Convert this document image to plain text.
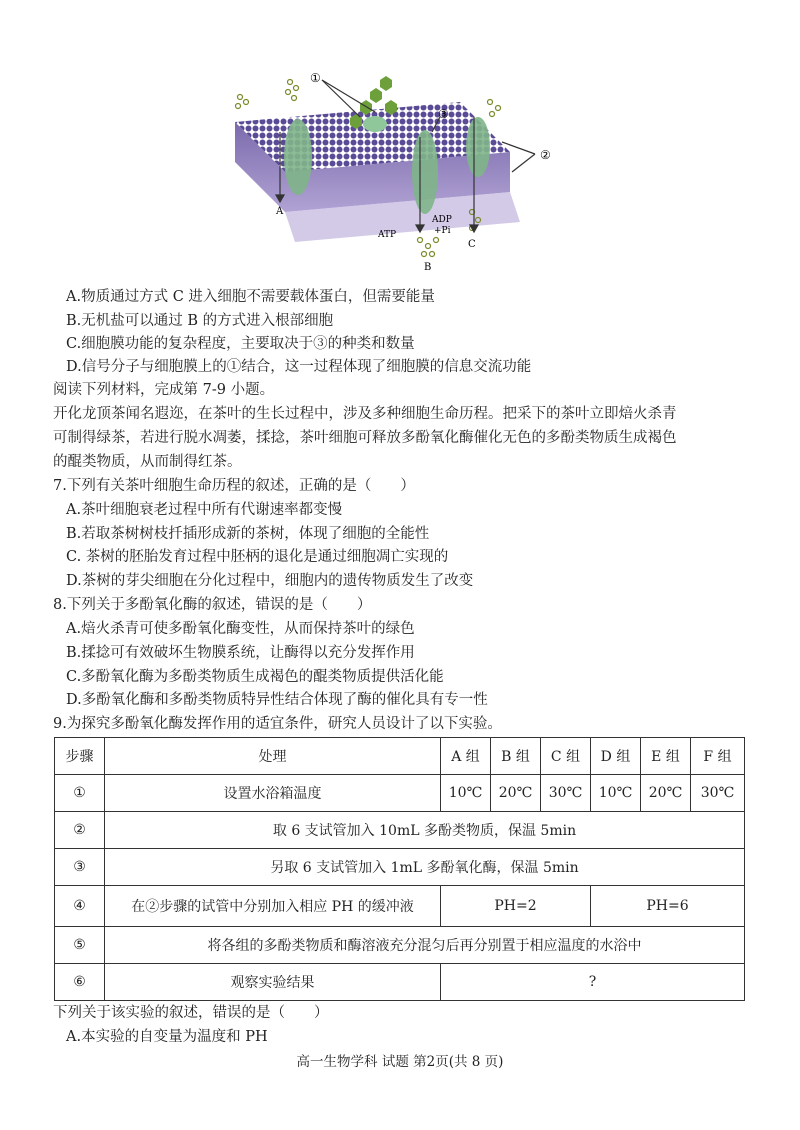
①
②
③
A
B
C
ATP
ADP
+Pi
A.物质通过方式 C 进入细胞不需要载体蛋白，但需要能量
B.无机盐可以通过 B 的方式进入根部细胞
C.细胞膜功能的复杂程度，主要取决于③的种类和数量
D.信号分子与细胞膜上的①结合，这一过程体现了细胞膜的信息交流功能
阅读下列材料，完成第 7-9 小题。
开化龙顶茶闻名遐迩，在茶叶的生长过程中，涉及多种细胞生命历程。把采下的茶叶立即焙火杀青
可制得绿茶，若进行脱水凋萎，揉捻，茶叶细胞可释放多酚氧化酶催化无色的多酚类物质生成褐色
的醌类物质，从而制得红茶。
7.下列有关茶叶细胞生命历程的叙述，正确的是（　　）
A.茶叶细胞衰老过程中所有代谢速率都变慢
B.若取茶树树枝扦插形成新的茶树，体现了细胞的全能性
C. 茶树的胚胎发育过程中胚柄的退化是通过细胞凋亡实现的
D.茶树的芽尖细胞在分化过程中，细胞内的遗传物质发生了改变
8.下列关于多酚氧化酶的叙述，错误的是（　　）
A.焙火杀青可使多酚氧化酶变性，从而保持茶叶的绿色
B.揉捻可有效破坏生物膜系统，让酶得以充分发挥作用
C.多酚氧化酶为多酚类物质生成褐色的醌类物质提供活化能
D.多酚氧化酶和多酚类物质特异性结合体现了酶的催化具有专一性
9.为探究多酚氧化酶发挥作用的适宜条件，研究人员设计了以下实验。
步骤	处理	A 组	B 组	C 组	D 组	E 组	F 组
①	设置水浴箱温度	10℃	20℃	30℃	10℃	20℃	30℃
②	取 6 支试管加入 10mL 多酚类物质，保温 5min						
③	另取 6 支试管加入 1mL 多酚氧化酶，保温 5min						
④	在②步骤的试管中分别加入相应 PH 的缓冲液	PH=2			PH=6		
⑤	将各组的多酚类物质和酶溶液充分混匀后再分别置于相应温度的水浴中						
⑥	观察实验结果	?					
下列关于该实验的叙述，错误的是（　　）
A.本实验的自变量为温度和 PH
高一生物学科 试题 第2页(共 8 页)
